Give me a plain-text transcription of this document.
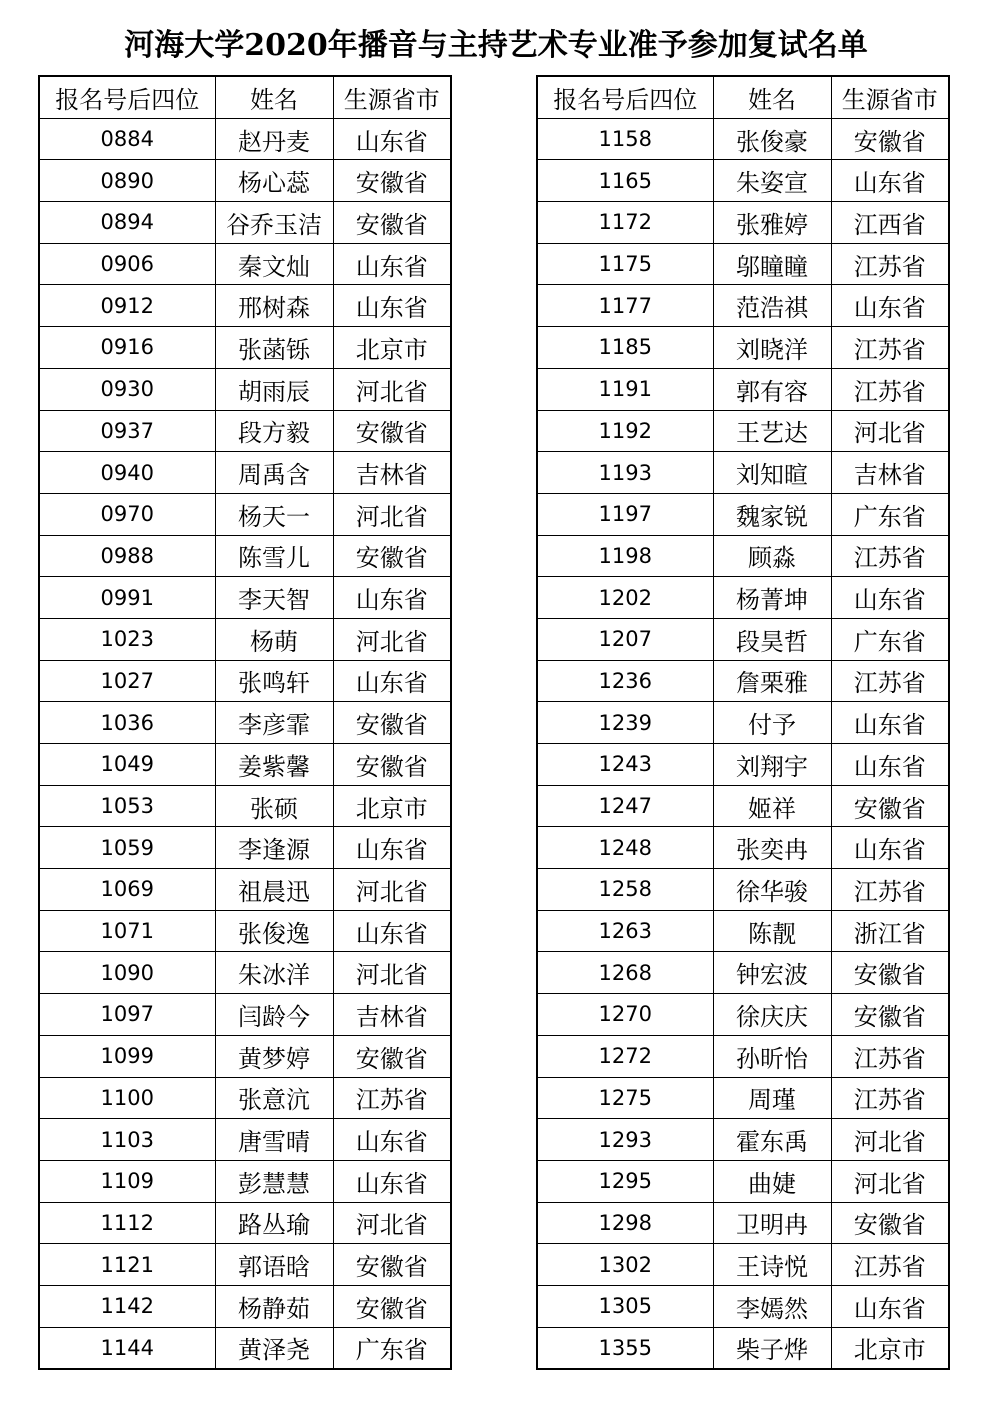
河海大学2020年播音与主持艺术专业准予参加复试名单
报名号后四位	姓名	生源省市
0884	赵丹麦	山东省
0890	杨心蕊	安徽省
0894	谷乔玉洁	安徽省
0906	秦文灿	山东省
0912	邢树森	山东省
0916	张菡铄	北京市
0930	胡雨辰	河北省
0937	段方毅	安徽省
0940	周禹含	吉林省
0970	杨天一	河北省
0988	陈雪儿	安徽省
0991	李天智	山东省
1023	杨萌	河北省
1027	张鸣轩	山东省
1036	李彦霏	安徽省
1049	姜紫馨	安徽省
1053	张硕	北京市
1059	李逢源	山东省
1069	祖晨迅	河北省
1071	张俊逸	山东省
1090	朱冰洋	河北省
1097	闫龄今	吉林省
1099	黄梦婷	安徽省
1100	张意沆	江苏省
1103	唐雪晴	山东省
1109	彭慧慧	山东省
1112	路丛瑜	河北省
1121	郭语晗	安徽省
1142	杨静茹	安徽省
1144	黄泽尧	广东省
报名号后四位	姓名	生源省市
1158	张俊豪	安徽省
1165	朱姿宣	山东省
1172	张雅婷	江西省
1175	邬瞳瞳	江苏省
1177	范浩祺	山东省
1185	刘晓洋	江苏省
1191	郭有容	江苏省
1192	王艺达	河北省
1193	刘知暄	吉林省
1197	魏家锐	广东省
1198	顾淼	江苏省
1202	杨菁坤	山东省
1207	段昊哲	广东省
1236	詹栗雅	江苏省
1239	付予	山东省
1243	刘翔宇	山东省
1247	姬祥	安徽省
1248	张奕冉	山东省
1258	徐华骏	江苏省
1263	陈靓	浙江省
1268	钟宏波	安徽省
1270	徐庆庆	安徽省
1272	孙昕怡	江苏省
1275	周瑾	江苏省
1293	霍东禹	河北省
1295	曲婕	河北省
1298	卫明冉	安徽省
1302	王诗悦	江苏省
1305	李嫣然	山东省
1355	柴子烨	北京市
